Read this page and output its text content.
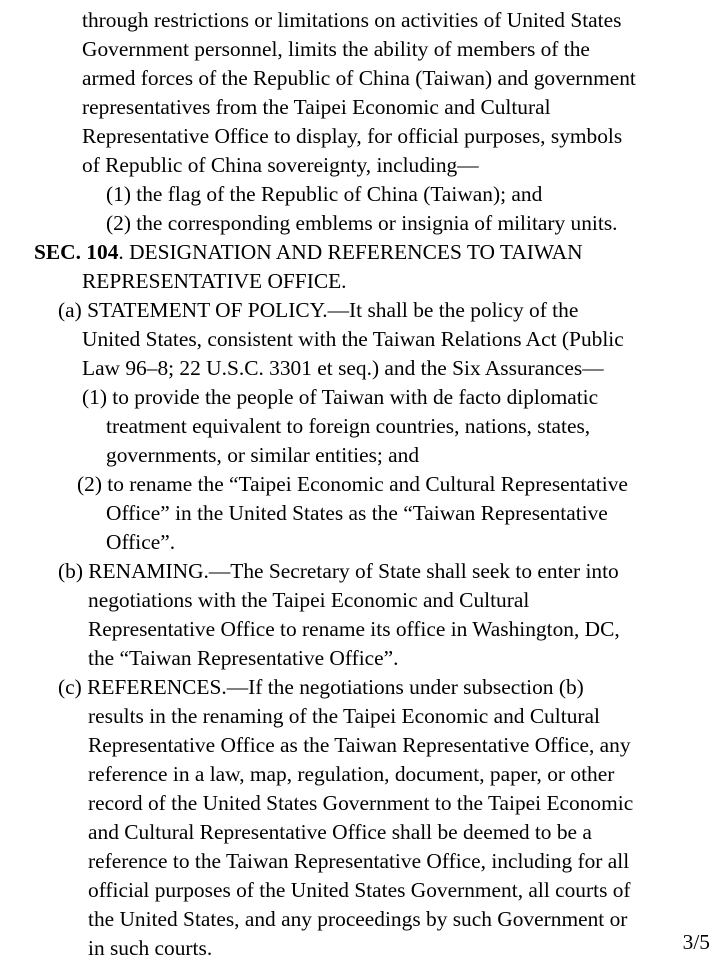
through restrictions or limitations on activities of United States
Government personnel, limits the ability of members of the
armed forces of the Republic of China (Taiwan) and government
representatives from the Taipei Economic and Cultural
Representative Office to display, for official purposes, symbols
of Republic of China sovereignty, including—
(1) the flag of the Republic of China (Taiwan); and
(2) the corresponding emblems or insignia of military units.
SEC. 104. DESIGNATION AND REFERENCES TO TAIWAN
REPRESENTATIVE OFFICE.
(a) STATEMENT OF POLICY.—It shall be the policy of the
United States, consistent with the Taiwan Relations Act (Public
Law 96–8; 22 U.S.C. 3301 et seq.) and the Six Assurances—
(1) to provide the people of Taiwan with de facto diplomatic
treatment equivalent to foreign countries, nations, states,
governments, or similar entities; and
(2) to rename the “Taipei Economic and Cultural Representative
Office” in the United States as the “Taiwan Representative
Office”.
(b) RENAMING.—The Secretary of State shall seek to enter into
negotiations with the Taipei Economic and Cultural
Representative Office to rename its office in Washington, DC,
the “Taiwan Representative Office”.
(c) REFERENCES.—If the negotiations under subsection (b)
results in the renaming of the Taipei Economic and Cultural
Representative Office as the Taiwan Representative Office, any
reference in a law, map, regulation, document, paper, or other
record of the United States Government to the Taipei Economic
and Cultural Representative Office shall be deemed to be a
reference to the Taiwan Representative Office, including for all
official purposes of the United States Government, all courts of
the United States, and any proceedings by such Government or
in such courts.	3/5
